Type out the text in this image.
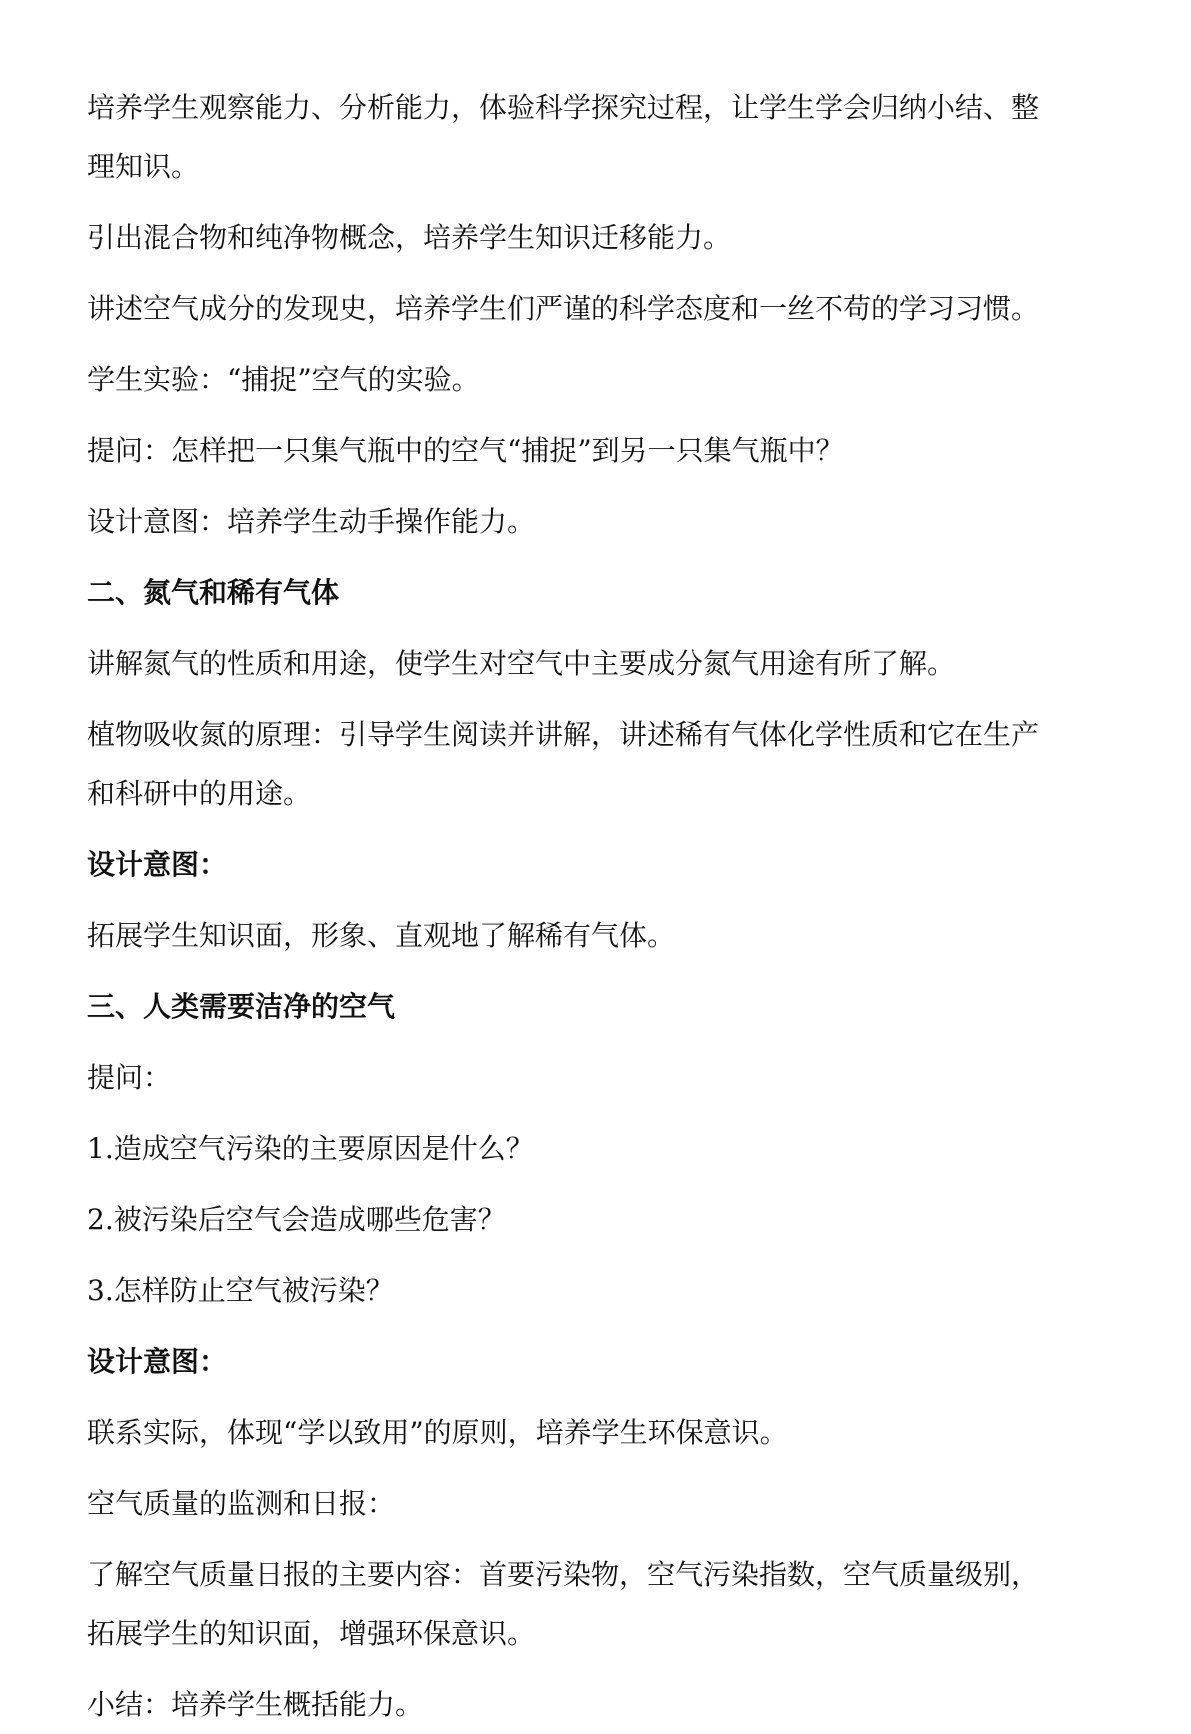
培养学生观察能力、分析能力，体验科学探究过程，让学生学会归纳小结、整
理知识。

引出混合物和纯净物概念，培养学生知识迁移能力。

讲述空气成分的发现史，培养学生们严谨的科学态度和一丝不苟的学习习惯。

学生实验：“捕捉”空气的实验。

提问：怎样把一只集气瓶中的空气“捕捉”到另一只集气瓶中？

设计意图：培养学生动手操作能力。

二、氮气和稀有气体

讲解氮气的性质和用途，使学生对空气中主要成分氮气用途有所了解。

植物吸收氮的原理：引导学生阅读并讲解，讲述稀有气体化学性质和它在生产
和科研中的用途。

设计意图：

拓展学生知识面，形象、直观地了解稀有气体。

三、人类需要洁净的空气

提问：

1.造成空气污染的主要原因是什么？

2.被污染后空气会造成哪些危害？

3.怎样防止空气被污染？

设计意图：

联系实际，体现“学以致用”的原则，培养学生环保意识。

空气质量的监测和日报：

了解空气质量日报的主要内容：首要污染物，空气污染指数，空气质量级别，
拓展学生的知识面，增强环保意识。

小结：培养学生概括能力。
